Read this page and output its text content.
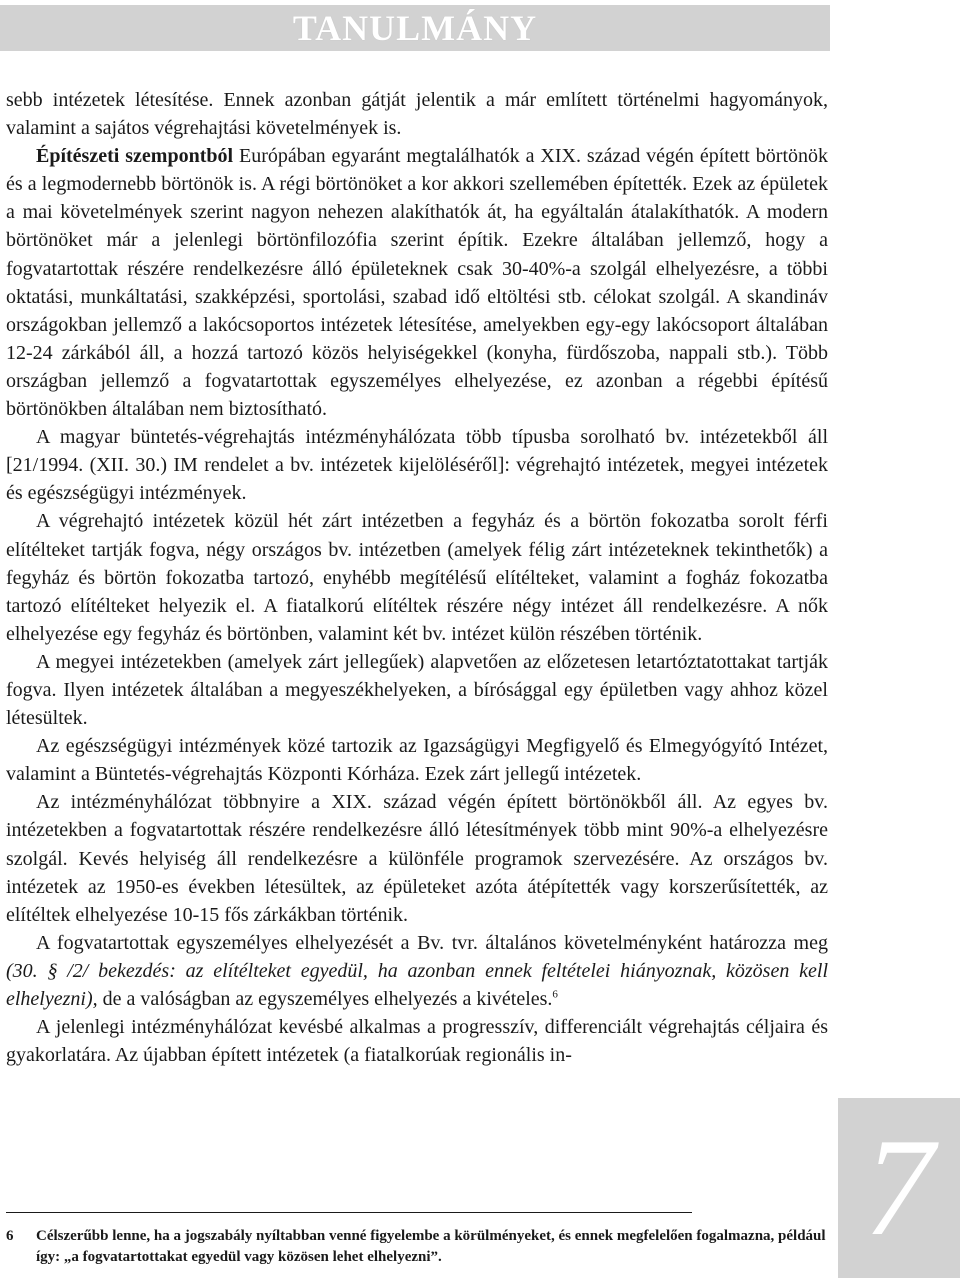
TANULMÁNY

sebb intézetek létesítése. Ennek azonban gátját jelentik a már említett történelmi hagyományok, valamint a sajátos végrehajtási követelmények is.

Építészeti szempontból Európában egyaránt megtalálhatók a XIX. század végén épített börtönök és a legmodernebb börtönök is. A régi börtönöket a kor akkori szellemében építették. Ezek az épületek a mai követelmények szerint nagyon nehezen alakíthatók át, ha egyáltalán átalakíthatók. A modern börtönöket már a jelenlegi börtönfilozófia szerint építik. Ezekre általában jellemző, hogy a fogvatartottak részére rendelkezésre álló épületeknek csak 30-40%-a szolgál elhelyezésre, a többi oktatási, munkáltatási, szakképzési, sportolási, szabad idő eltöltési stb. célokat szolgál. A skandináv országokban jellemző a lakócsoportos intézetek létesítése, amelyekben egy-egy lakócsoport általában 12-24 zárkából áll, a hozzá tartozó közös helyiségekkel (konyha, fürdőszoba, nappali stb.). Több országban jellemző a fogvatartottak egyszemélyes elhelyezése, ez azonban a régebbi építésű börtönökben általában nem biztosítható.

A magyar büntetés-végrehajtás intézményhálózata több típusba sorolható bv. intézetekből áll [21/1994. (XII. 30.) IM rendelet a bv. intézetek kijelöléséről]: végrehajtó intézetek, megyei intézetek és egészségügyi intézmények.

A végrehajtó intézetek közül hét zárt intézetben a fegyház és a börtön fokozatba sorolt férfi elítélteket tartják fogva, négy országos bv. intézetben (amelyek félig zárt intézeteknek tekinthetők) a fegyház és börtön fokozatba tartozó, enyhébb megítélésű elítélteket, valamint a fogház fokozatba tartozó elítélteket helyezik el. A fiatalkorú elítéltek részére négy intézet áll rendelkezésre. A nők elhelyezése egy fegyház és börtönben, valamint két bv. intézet külön részében történik.

A megyei intézetekben (amelyek zárt jellegűek) alapvetően az előzetesen letartóztatottakat tartják fogva. Ilyen intézetek általában a megyeszékhelyeken, a bírósággal egy épületben vagy ahhoz közel létesültek.

Az egészségügyi intézmények közé tartozik az Igazságügyi Megfigyelő és Elmegyógyító Intézet, valamint a Büntetés-végrehajtás Központi Kórháza. Ezek zárt jellegű intézetek.

Az intézményhálózat többnyire a XIX. század végén épített börtönökből áll. Az egyes bv. intézetekben a fogvatartottak részére rendelkezésre álló létesítmények több mint 90%-a elhelyezésre szolgál. Kevés helyiség áll rendelkezésre a különféle programok szervezésére. Az országos bv. intézetek az 1950-es években létesültek, az épületeket azóta átépítették vagy korszerűsítették, az elítéltek elhelyezése 10-15 fős zárkákban történik.

A fogvatartottak egyszemélyes elhelyezését a Bv. tvr. általános követelményként határozza meg (30. § /2/ bekezdés: az elítélteket egyedül, ha azonban ennek feltételei hiányoznak, közösen kell elhelyezni), de a valóságban az egyszemélyes elhelyezés a kivételes.$^6$

A jelenlegi intézményhálózat kevésbé alkalmas a progresszív, differenciált végrehajtás céljaira és gyakorlatára. Az újabban épített intézetek (a fiatalkorúak regionális in-

6	Célszerűbb lenne, ha a jogszabály nyíltabban venné figyelembe a körülményeket, és ennek megfelelően fogalmazna, például így: „a fogvatartottakat egyedül vagy közösen lehet elhelyezni”.	7
